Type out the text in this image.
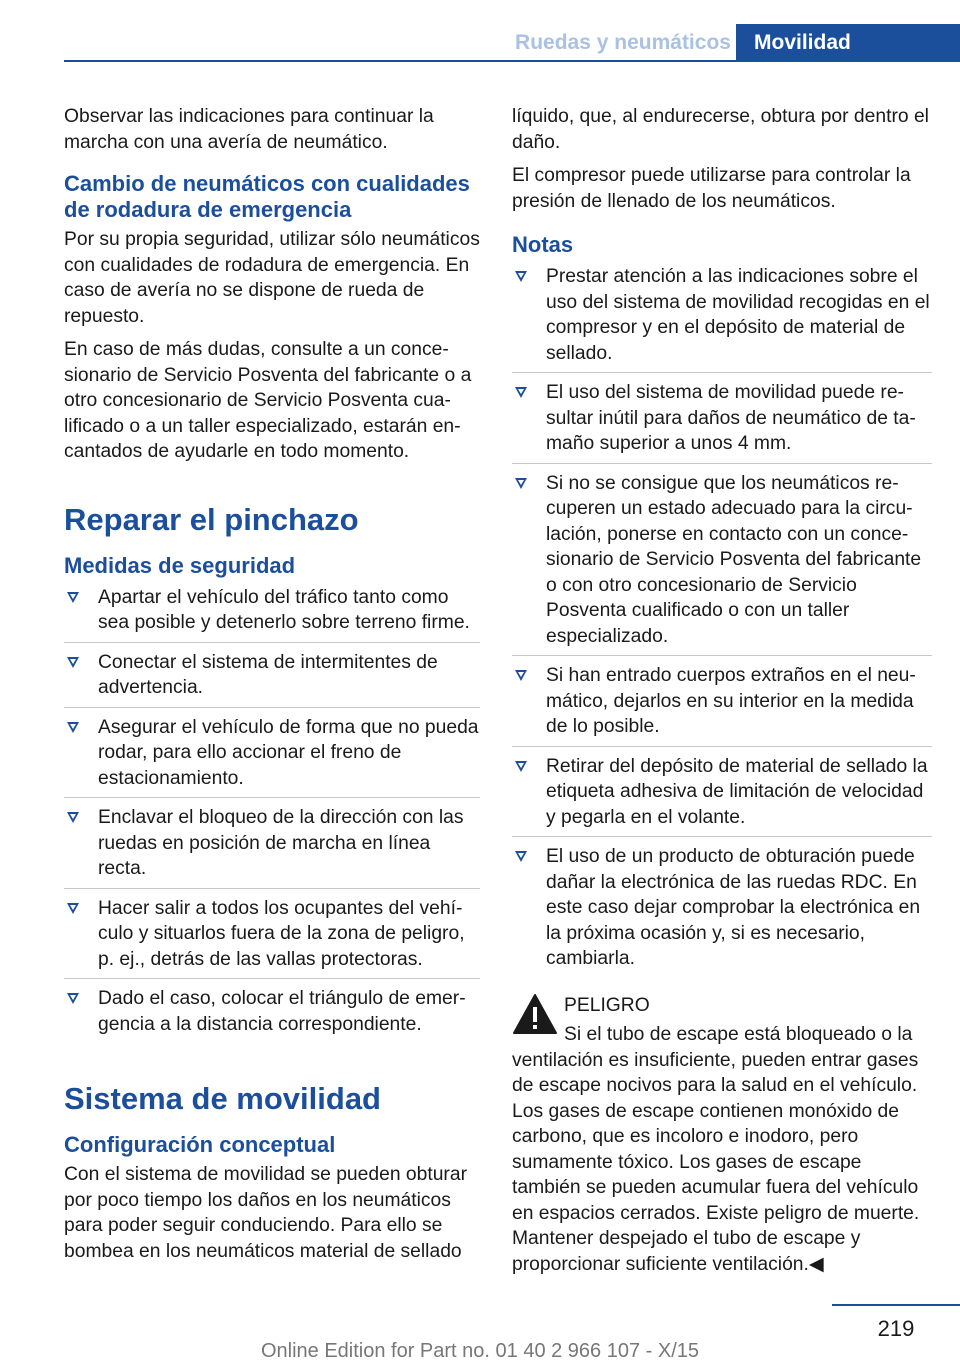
Ruedas y neumáticos	Movilidad

Observar las indicaciones para continuar la marcha con una avería de neumático.

Cambio de neumáticos con cualidades de rodadura de emergencia

Por su propia seguridad, utilizar sólo neumáticos con cualidades de rodadura de emergencia. En caso de avería no se dispone de rueda de repuesto.

En caso de más dudas, consulte a un concesionario de Servicio Posventa del fabricante o a otro concesionario de Servicio Posventa cualificado o a un taller especializado, estarán encantados de ayudarle en todo momento.

Reparar el pinchazo
Medidas de seguridad
Apartar el vehículo del tráfico tanto como sea posible y detenerlo sobre terreno firme.
Conectar el sistema de intermitentes de advertencia.
Asegurar el vehículo de forma que no pueda rodar, para ello accionar el freno de estacionamiento.
Enclavar el bloqueo de la dirección con las ruedas en posición de marcha en línea recta.
Hacer salir a todos los ocupantes del vehículo y situarlos fuera de la zona de peligro, p. ej., detrás de las vallas protectoras.
Dado el caso, colocar el triángulo de emergencia a la distancia correspondiente.
Sistema de movilidad
Configuración conceptual

Con el sistema de movilidad se pueden obturar por poco tiempo los daños en los neumáticos para poder seguir conduciendo. Para ello se bombea en los neumáticos material de sellado

líquido, que, al endurecerse, obtura por dentro el daño.

El compresor puede utilizarse para controlar la presión de llenado de los neumáticos.

Notas
Prestar atención a las indicaciones sobre el uso del sistema de movilidad recogidas en el compresor y en el depósito de material de sellado.
El uso del sistema de movilidad puede resultar inútil para daños de neumático de tamaño superior a unos 4 mm.
Si no se consigue que los neumáticos recuperen un estado adecuado para la circulación, ponerse en contacto con un concesionario de Servicio Posventa del fabricante o con otro concesionario de Servicio Posventa cualificado o con un taller especializado.
Si han entrado cuerpos extraños en el neumático, dejarlos en su interior en la medida de lo posible.
Retirar del depósito de material de sellado la etiqueta adhesiva de limitación de velocidad y pegarla en el volante.
El uso de un producto de obturación puede dañar la electrónica de las ruedas RDC. En este caso dejar comprobar la electrónica en la próxima ocasión y, si es necesario, cambiarla.
PELIGRO

Si el tubo de escape está bloqueado o la ventilación es insuficiente, pueden entrar gases de escape nocivos para la salud en el vehículo. Los gases de escape contienen monóxido de carbono, que es incoloro e inodoro, pero sumamente tóxico. Los gases de escape también se pueden acumular fuera del vehículo en espacios cerrados. Existe peligro de muerte. Mantener despejado el tubo de escape y proporcionar suficiente ventilación.◀

219
Online Edition for Part no. 01 40 2 966 107 - X/15
